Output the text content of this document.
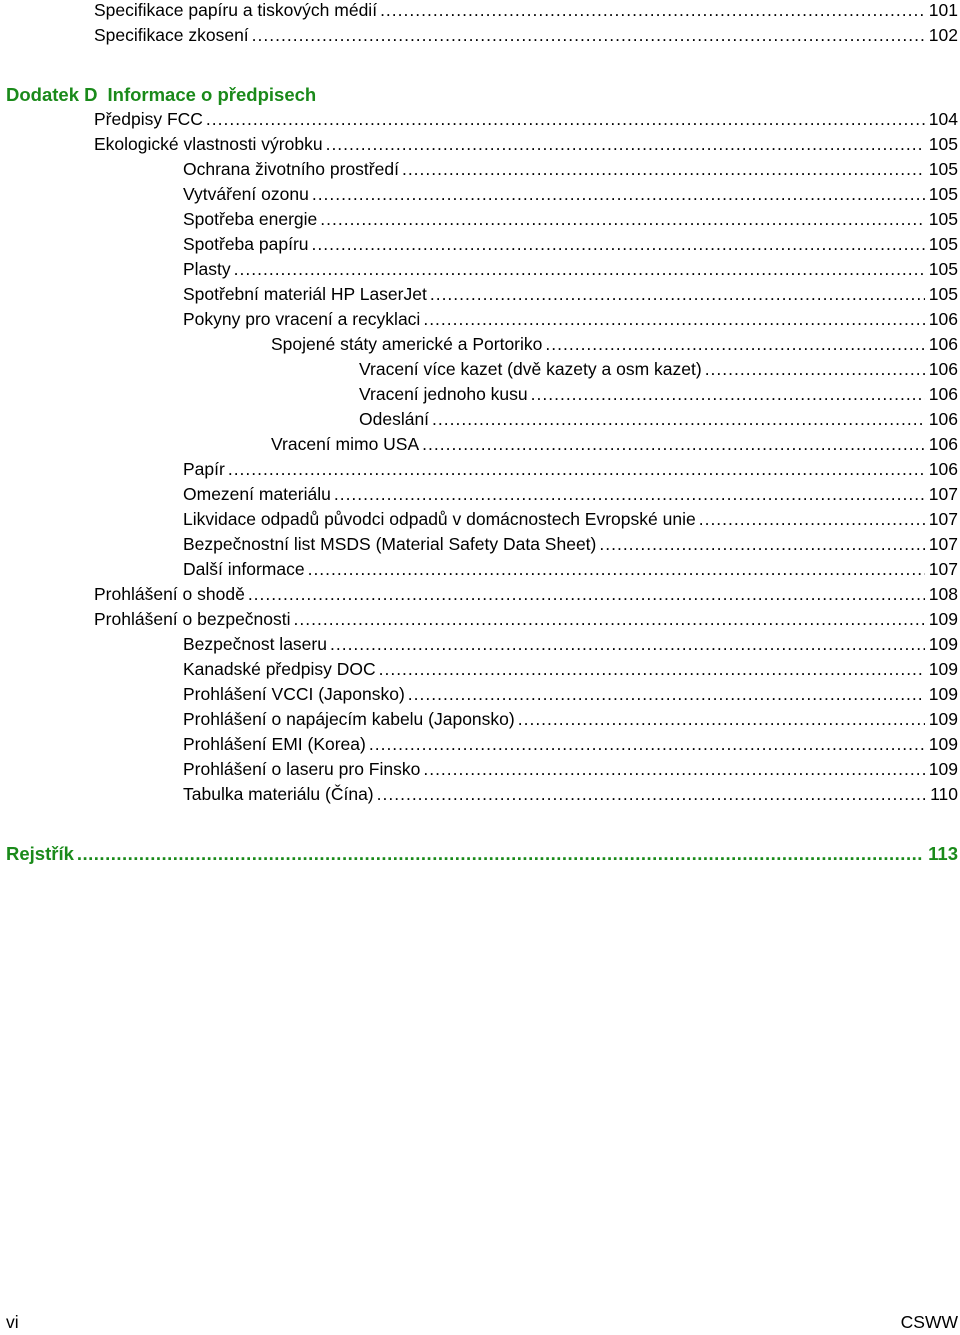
Specifikace papíru a tiskových médií .....	101
Specifikace zkosení .....	102
Dodatek D Informace o předpisech
Předpisy FCC .....	104
Ekologické vlastnosti výrobku .....	105
Ochrana životního prostředí .....	105
Vytváření ozonu .....	105
Spotřeba energie .....	105
Spotřeba papíru .....	105
Plasty .....	105
Spotřební materiál HP LaserJet .....	105
Pokyny pro vracení a recyklaci .....	106
Spojené státy americké a Portoriko .....	106
Vracení více kazet (dvě kazety a osm kazet) .....	106
Vracení jednoho kusu .....	106
Odeslání .....	106
Vracení mimo USA .....	106
Papír .....	106
Omezení materiálu .....	107
Likvidace odpadů původci odpadů v domácnostech Evropské unie .....	107
Bezpečnostní list MSDS (Material Safety Data Sheet) .....	107
Další informace .....	107
Prohlášení o shodě .....	108
Prohlášení o bezpečnosti .....	109
Bezpečnost laseru .....	109
Kanadské předpisy DOC .....	109
Prohlášení VCCI (Japonsko) .....	109
Prohlášení o napájecím kabelu (Japonsko) .....	109
Prohlášení EMI (Korea) .....	109
Prohlášení o laseru pro Finsko .....	109
Tabulka materiálu (Čína) .....	110
Rejstřík .....	113
vi	CSWW
